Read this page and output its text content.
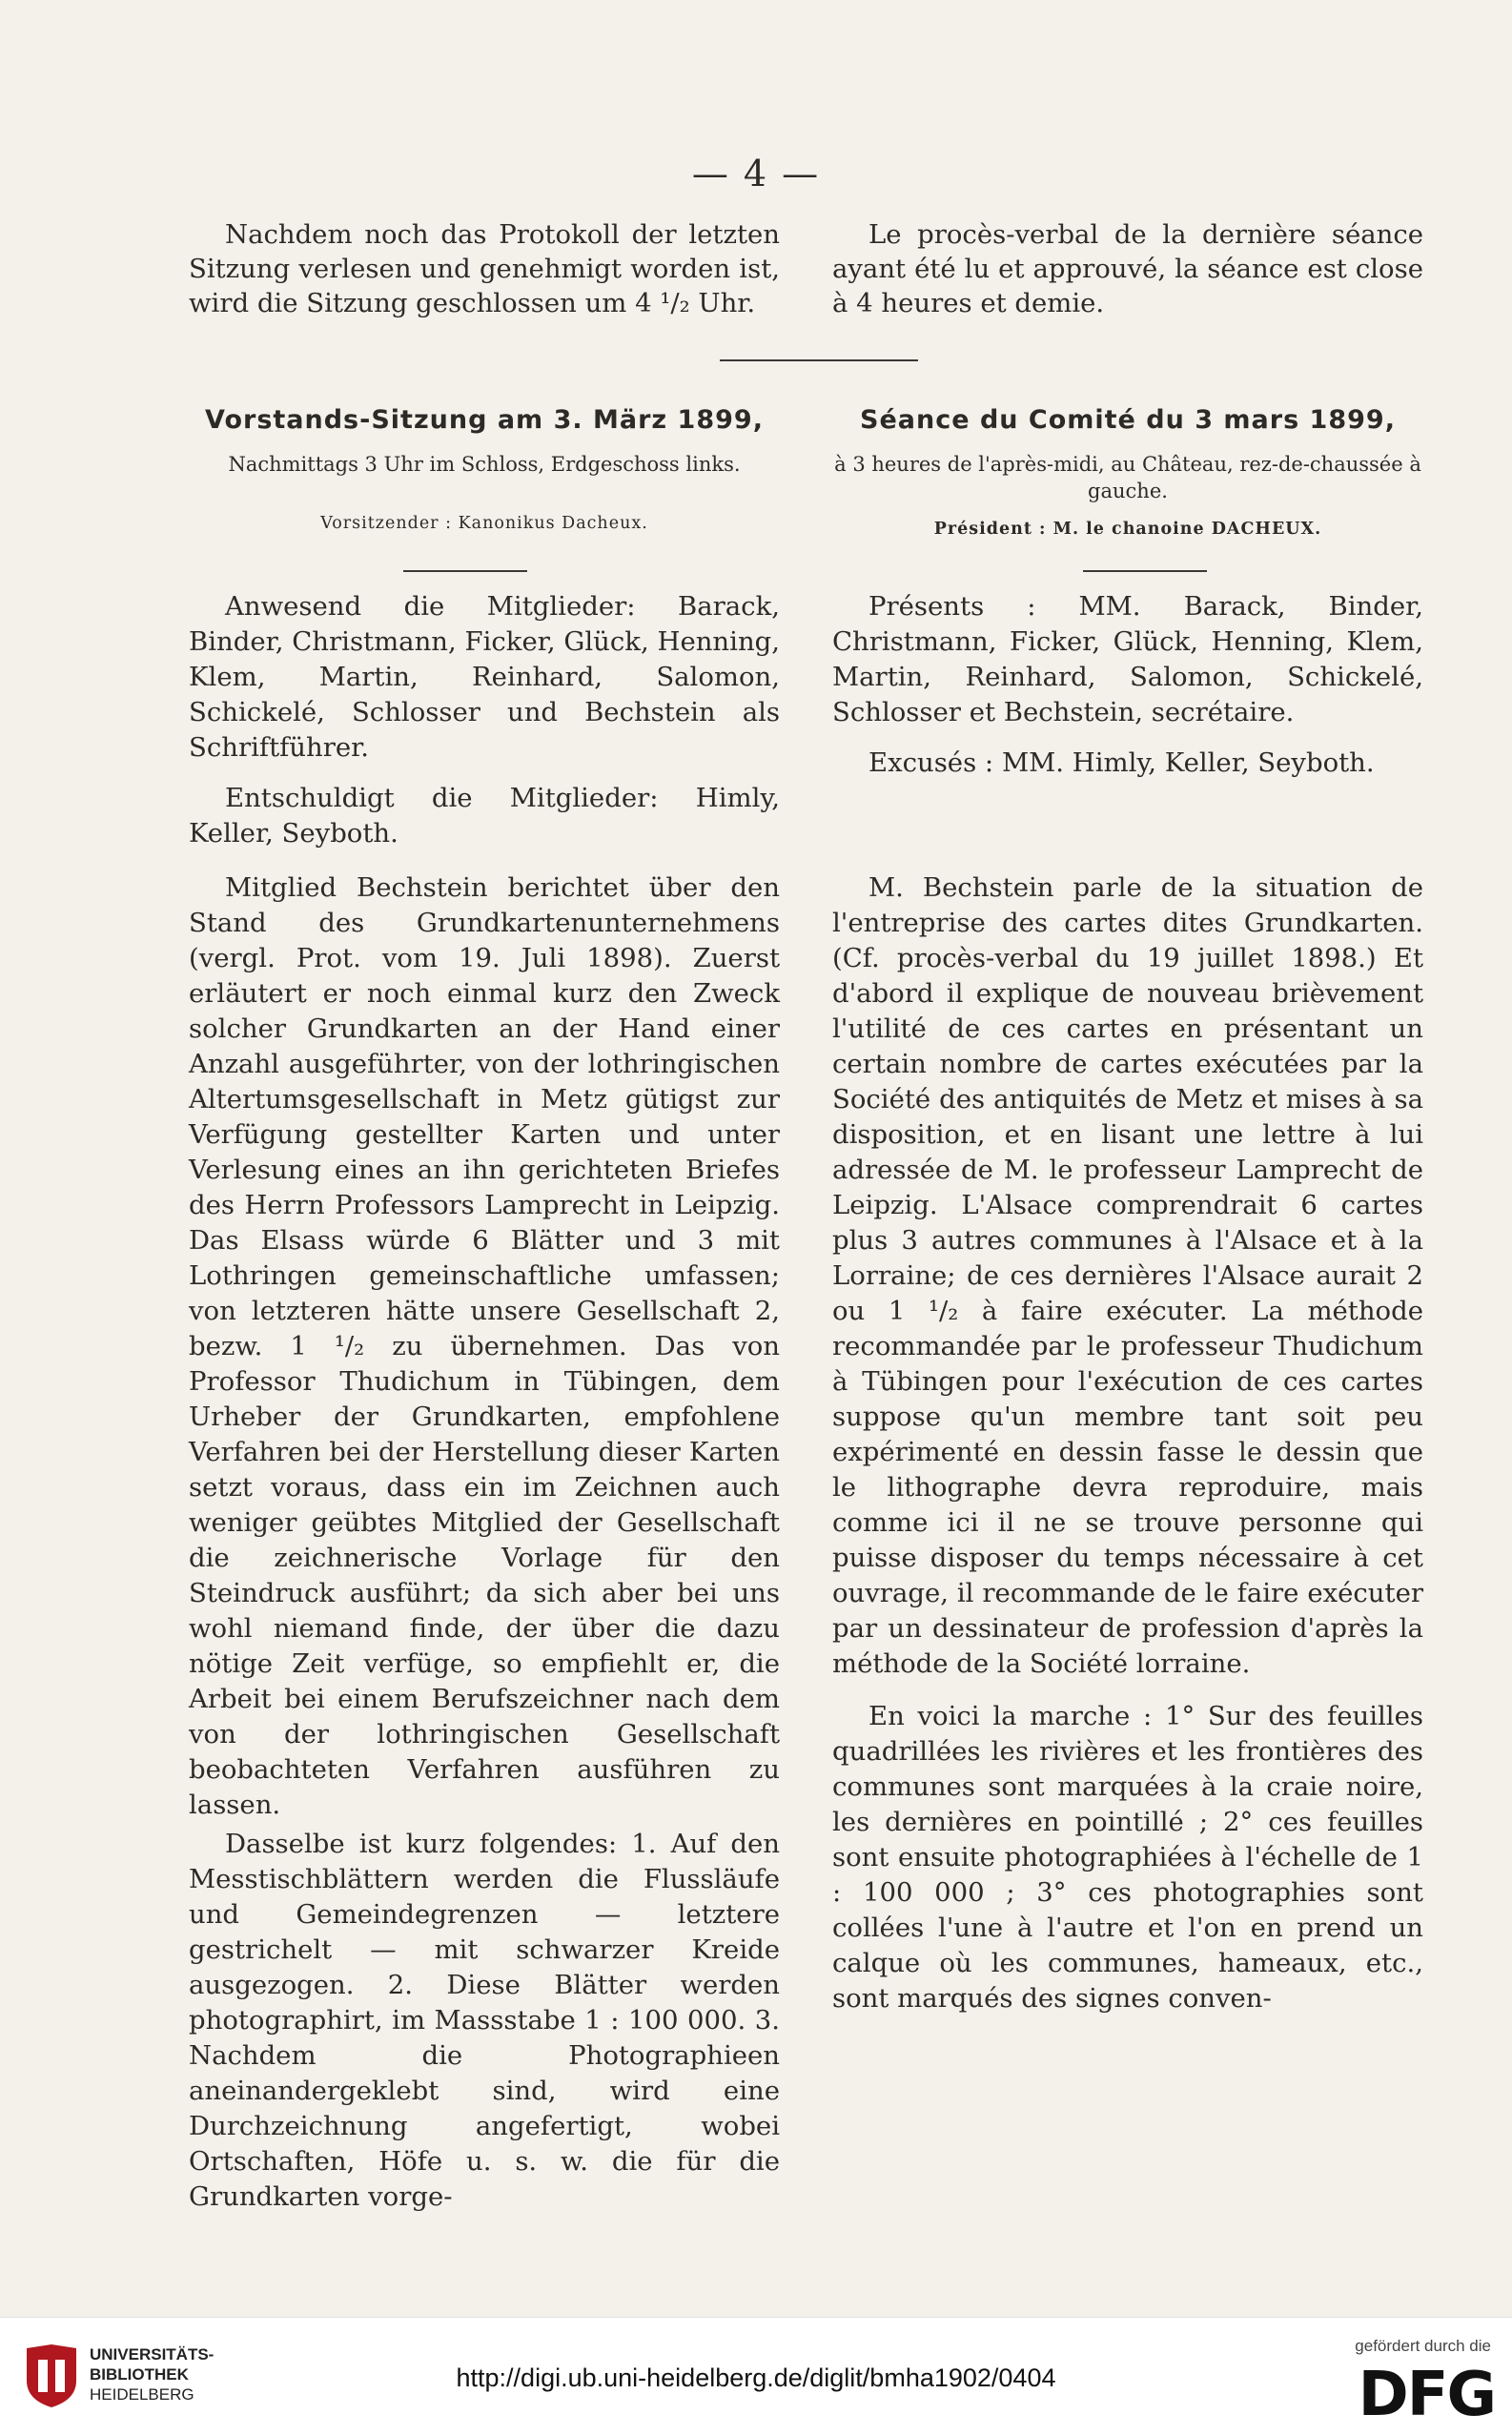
— 4 —

Nachdem noch das Protokoll der letzten Sitzung verlesen und genehmigt worden ist, wird die Sitzung geschlossen um 4 ¹/₂ Uhr.

Vorstands-Sitzung am 3. März 1899,

Nachmittags 3 Uhr im Schloss, Erdgeschoss links.

Vorsitzender : Kanonikus Dacheux.

Anwesend die Mitglieder: Barack, Binder, Christmann, Ficker, Glück, Henning, Klem, Martin, Reinhard, Salomon, Schickelé, Schlosser und Bechstein als Schriftführer.

Entschuldigt die Mitglieder: Himly, Keller, Seyboth.

Mitglied Bechstein berichtet über den Stand des Grundkartenunternehmens (vergl. Prot. vom 19. Juli 1898). Zuerst erläutert er noch einmal kurz den Zweck solcher Grundkarten an der Hand einer Anzahl ausgeführter, von der lothringischen Altertumsgesellschaft in Metz gütigst zur Verfügung gestellter Karten und unter Verlesung eines an ihn gerichteten Briefes des Herrn Professors Lamprecht in Leipzig. Das Elsass würde 6 Blätter und 3 mit Lothringen gemeinschaftliche umfassen; von letzteren hätte unsere Gesellschaft 2, bezw. 1 ¹/₂ zu übernehmen. Das von Professor Thudichum in Tübingen, dem Urheber der Grundkarten, empfohlene Verfahren bei der Herstellung dieser Karten setzt voraus, dass ein im Zeichnen auch weniger geübtes Mitglied der Gesellschaft die zeichnerische Vorlage für den Steindruck ausführt; da sich aber bei uns wohl niemand finde, der über die dazu nötige Zeit verfüge, so empfiehlt er, die Arbeit bei einem Berufszeichner nach dem von der lothringischen Gesellschaft beobachteten Verfahren ausführen zu lassen.

Dasselbe ist kurz folgendes: 1. Auf den Messtischblättern werden die Flussläufe und Gemeindegrenzen — letztere gestrichelt — mit schwarzer Kreide ausgezogen. 2. Diese Blätter werden photographirt, im Massstabe 1 : 100 000. 3. Nachdem die Photographieen aneinandergeklebt sind, wird eine Durchzeichnung angefertigt, wobei Ortschaften, Höfe u. s. w. die für die Grundkarten vorge-

Le procès-verbal de la dernière séance ayant été lu et approuvé, la séance est close à 4 heures et demie.

Séance du Comité du 3 mars 1899,

à 3 heures de l'après-midi, au Château, rez-de-chaussée à gauche.

Président : M. le chanoine DACHEUX.

Présents : MM. Barack, Binder, Christmann, Ficker, Glück, Henning, Klem, Martin, Reinhard, Salomon, Schickelé, Schlosser et Bechstein, secrétaire.

Excusés : MM. Himly, Keller, Seyboth.

M. Bechstein parle de la situation de l'entreprise des cartes dites Grundkarten. (Cf. procès-verbal du 19 juillet 1898.) Et d'abord il explique de nouveau brièvement l'utilité de ces cartes en présentant un certain nombre de cartes exécutées par la Société des antiquités de Metz et mises à sa disposition, et en lisant une lettre à lui adressée de M. le professeur Lamprecht de Leipzig. L'Alsace comprendrait 6 cartes plus 3 autres communes à l'Alsace et à la Lorraine; de ces dernières l'Alsace aurait 2 ou 1 ¹/₂ à faire exécuter. La méthode recommandée par le professeur Thudichum à Tübingen pour l'exécution de ces cartes suppose qu'un membre tant soit peu expérimenté en dessin fasse le dessin que le lithographe devra reproduire, mais comme ici il ne se trouve personne qui puisse disposer du temps nécessaire à cet ouvrage, il recommande de le faire exécuter par un dessinateur de profession d'après la méthode de la Société lorraine.

En voici la marche : 1° Sur des feuilles quadrillées les rivières et les frontières des communes sont marquées à la craie noire, les dernières en pointillé ; 2° ces feuilles sont ensuite photographiées à l'échelle de 1 : 100 000 ; 3° ces photographies sont collées l'une à l'autre et l'on en prend un calque où les communes, hameaux, etc., sont marqués des signes conven-

UNIVERSITÄTS-
BIBLIOTHEK
HEIDELBERG
http://digi.ub.uni-heidelberg.de/diglit/bmha1902/0404
gefördert durch die
DFG
